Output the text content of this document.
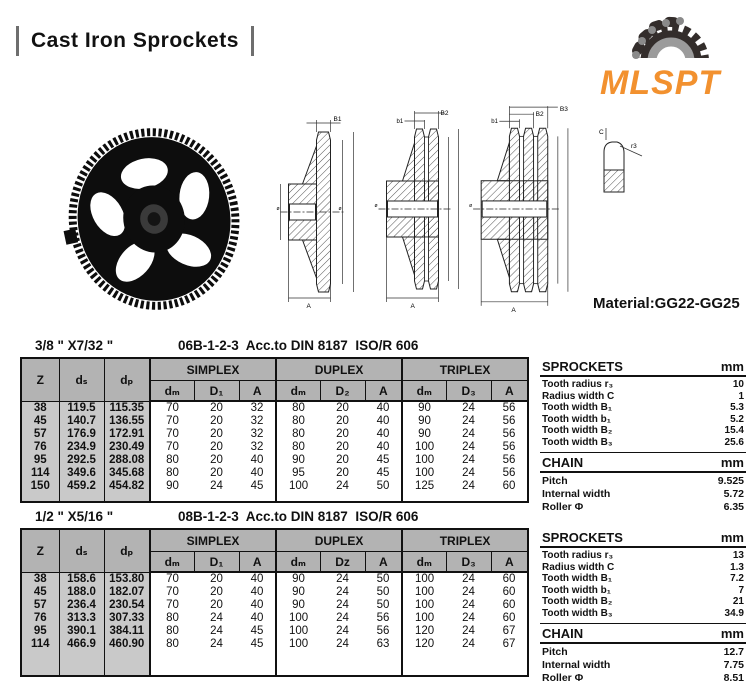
Cast Iron Sprockets
MLSPT
B1
A
ø
ø
b1
B2
A
ø
b1
B2
B3
A
ø
C
r3
Material:GG22-GG25
3/8 " X7/32 "	06B-1-2-3  Acc.to DIN 8187  ISO/R 606
Z	dₛ	dₚ	SIMPLEX			DUPLEX			TRIPLEX		
			dₘ	D₁	A	dₘ	D₂	A	dₘ	D₃	A
38	119.5	115.35	70	20	32	80	20	40	90	24	56
45	140.7	136.55	70	20	32	80	20	40	90	24	56
57	176.9	172.91	70	20	32	80	20	40	90	24	56
76	234.9	230.49	70	20	32	80	20	40	100	24	56
95	292.5	288.08	80	20	40	90	20	45	100	24	56
114	349.6	345.68	80	20	40	95	20	45	100	24	56
150	459.2	454.82	90	24	45	100	24	50	125	24	60

SPROCKETS	mm
Tooth radius r₃	10
Radius width C	1
Tooth width B₁	5.3
Tooth width b₁	5.2
Tooth width B₂	15.4
Tooth width B₃	25.6
CHAIN	mm
Pitch	9.525
Internal width	5.72
Roller Φ	6.35
1/2 " X5/16 "	08B-1-2-3  Acc.to DIN 8187  ISO/R 606
Z	dₛ	dₚ	SIMPLEX			DUPLEX			TRIPLEX		
			dₘ	D₁	A	dₘ	Dz	A	dₘ	D₃	A
38	158.6	153.80	70	20	40	90	24	50	100	24	60
45	188.0	182.07	70	20	40	90	24	50	100	24	60
57	236.4	230.54	70	20	40	90	24	50	100	24	60
76	313.3	307.33	80	24	40	100	24	56	100	24	60
95	390.1	384.11	80	24	45	100	24	56	120	24	67
114	466.9	460.90	80	24	45	100	24	63	120	24	67

SPROCKETS	mm
Tooth radius r₃	13
Radius width C	1.3
Tooth width B₁	7.2
Tooth width b₁	7
Tooth width B₂	21
Tooth width B₃	34.9
CHAIN	mm
Pitch	12.7
Internal width	7.75
Roller Φ	8.51
